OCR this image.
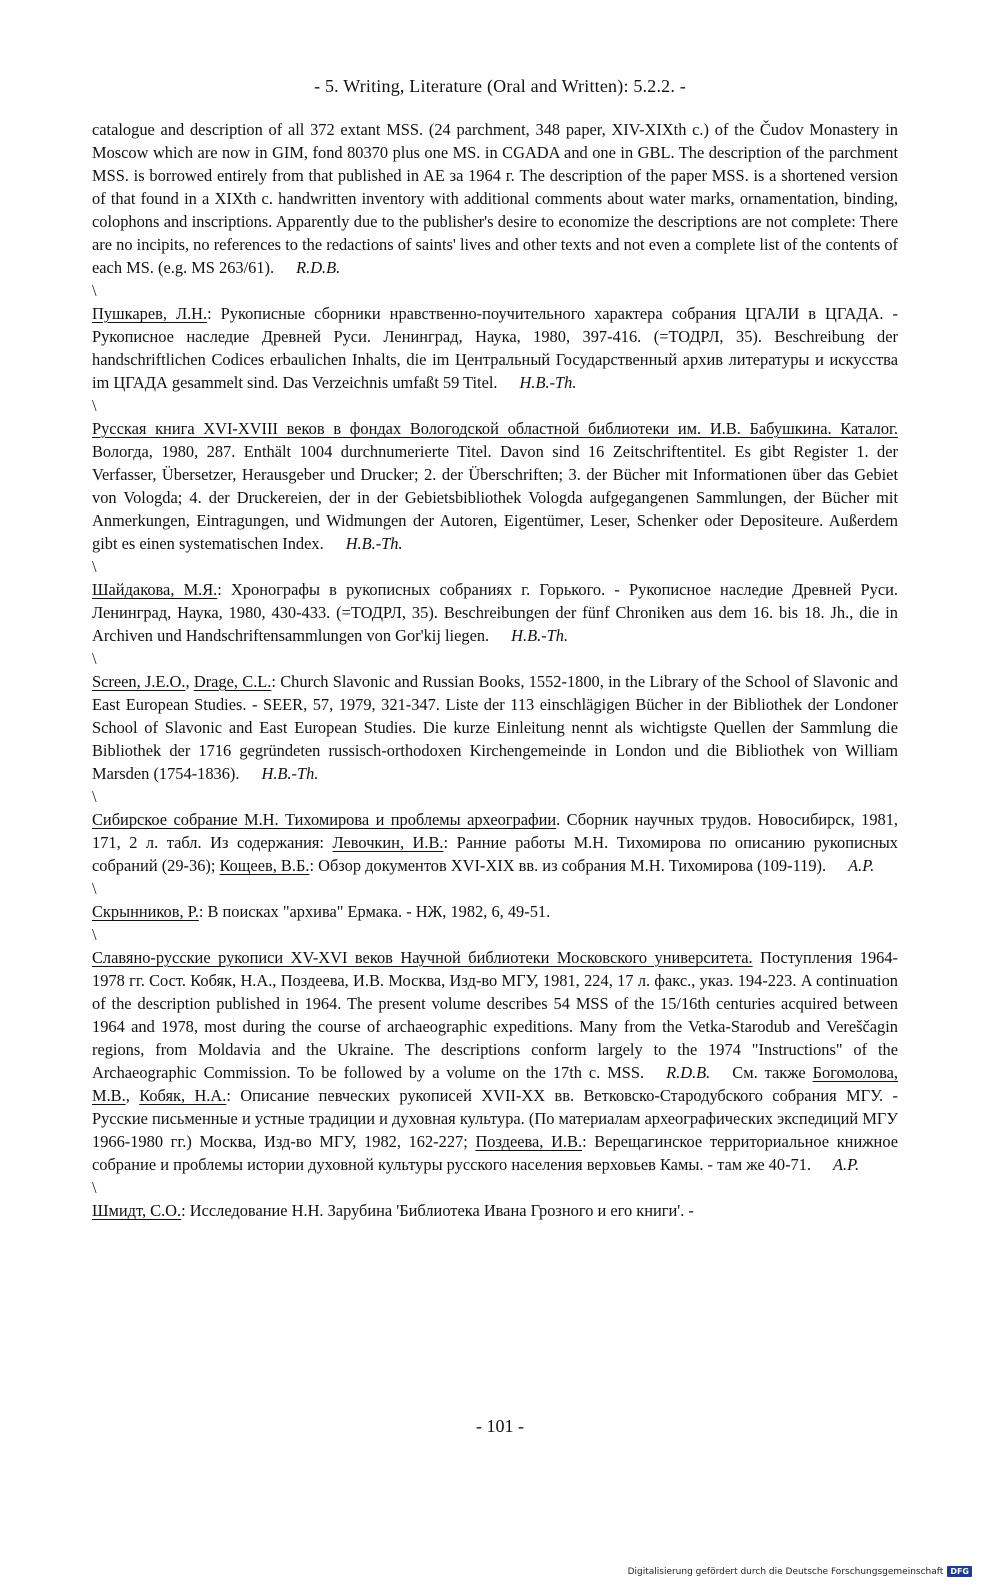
- 5. Writing, Literature (Oral and Written): 5.2.2. -

catalogue and description of all 372 extant MSS. (24 parchment, 348 paper, XIV-XIXth c.) of the Čudov Monastery in Moscow which are now in GIM, fond 80370 plus one MS. in CGADA and one in GBL. The description of the parchment MSS. is borrowed entirely from that published in AE за 1964 г. The description of the paper MSS. is a shortened version of that found in a XIXth c. handwritten inventory with additional comments about water marks, ornamentation, binding, colophons and inscriptions. Apparently due to the publisher's desire to economize the descriptions are not complete: There are no incipits, no references to the redactions of saints' lives and other texts and not even a complete list of the contents of each MS. (e.g. MS 263/61). R.D.B.

\

Пушкарев, Л.Н.: Рукописные сборники нравственно-поучительного характера собрания ЦГАЛИ в ЦГАДА. - Рукописное наследие Древней Руси. Ленинград, Наука, 1980, 397-416. (=ТОДРЛ, 35). Beschreibung der handschriftlichen Codices erbaulichen Inhalts, die im Центральный Государственный архив литературы и искусства im ЦГАДА gesammelt sind. Das Verzeichnis umfaßt 59 Titel. H.B.-Th.

\

Русская книга XVI-XVIII веков в фондах Вологодской областной библиотеки им. И.В. Бабушкина. Каталог. Вологда, 1980, 287. Enthält 1004 durchnumerierte Titel. Davon sind 16 Zeitschriftentitel. Es gibt Register 1. der Verfasser, Übersetzer, Herausgeber und Drucker; 2. der Überschriften; 3. der Bücher mit Informationen über das Gebiet von Vologda; 4. der Druckereien, der in der Gebietsbibliothek Vologda aufgegangenen Sammlungen, der Bücher mit Anmerkungen, Eintragungen, und Widmungen der Autoren, Eigentümer, Leser, Schenker oder Depositeure. Außerdem gibt es einen systematischen Index. H.B.-Th.

\

Шайдакова, М.Я.: Хронографы в рукописных собраниях г. Горького. - Рукописное наследие Древней Руси. Ленинград, Наука, 1980, 430-433. (=ТОДРЛ, 35). Beschreibungen der fünf Chroniken aus dem 16. bis 18. Jh., die in Archiven und Handschriftensammlungen von Gor'kij liegen. H.B.-Th.

\

Screen, J.E.O., Drage, C.L.: Church Slavonic and Russian Books, 1552-1800, in the Library of the School of Slavonic and East European Studies. - SEER, 57, 1979, 321-347. Liste der 113 einschlägigen Bücher in der Bibliothek der Londoner School of Slavonic and East European Studies. Die kurze Einleitung nennt als wichtigste Quellen der Sammlung die Bibliothek der 1716 gegründeten russisch-orthodoxen Kirchengemeinde in London und die Bibliothek von William Marsden (1754-1836). H.B.-Th.

\

Сибирское собрание М.Н. Тихомирова и проблемы археографии. Сборник научных трудов. Новосибирск, 1981, 171, 2 л. табл. Из содержания: Левочкин, И.В.: Ранние работы М.Н. Тихомирова по описанию рукописных собраний (29-36); Кощеев, В.Б.: Обзор документов XVI-XIX вв. из собрания М.Н. Тихомирова (109-119). A.P.

\

Скрынников, Р.: В поисках "архива" Ермака. - НЖ, 1982, 6, 49-51.

\

Славяно-русские рукописи XV-XVI веков Научной библиотеки Московского университета. Поступления 1964-1978 гг. Сост. Кобяк, Н.А., Поздеева, И.В. Москва, Изд-во МГУ, 1981, 224, 17 л. факс., указ. 194-223. A continuation of the description published in 1964. The present volume describes 54 MSS of the 15/16th centuries acquired between 1964 and 1978, most during the course of archaeographic expeditions. Many from the Vetka-Starodub and Vereščagin regions, from Moldavia and the Ukraine. The descriptions conform largely to the 1974 "Instructions" of the Archaeographic Commission. To be followed by a volume on the 17th c. MSS. R.D.B. См. также Богомолова, М.В., Кобяк, Н.А.: Описание певческих рукописей XVII-XX вв. Ветковско-Стародубского собрания МГУ. - Русские письменные и устные традиции и духовная культура. (По материалам археографических экспедиций МГУ 1966-1980 гг.) Москва, Изд-во МГУ, 1982, 162-227; Поздеева, И.В.: Верещагинское территориальное книжное собрание и проблемы истории духовной культуры русского населения верховьев Камы. - там же 40-71. A.P.

\

Шмидт, С.О.: Исследование Н.Н. Зарубина 'Библиотека Ивана Грозного и его книги'. -

- 101 -
Digitalisierung gefördert durch die Deutsche Forschungsgemeinschaft DFG
